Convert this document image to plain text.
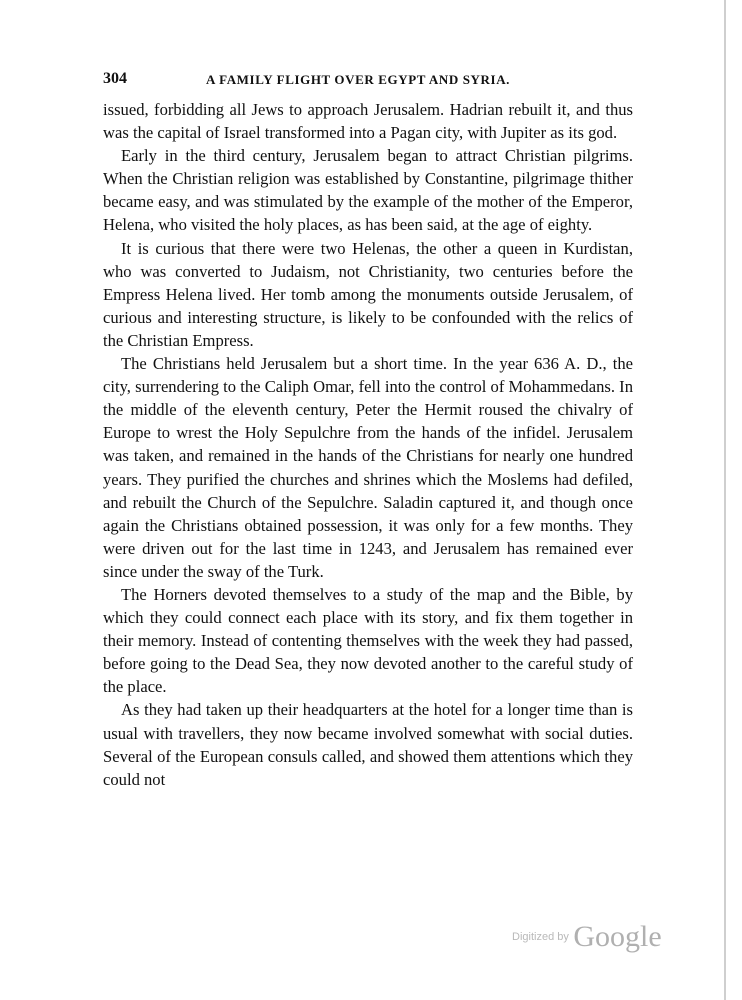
304	A FAMILY FLIGHT OVER EGYPT AND SYRIA.

issued, forbidding all Jews to approach Jerusalem. Hadrian rebuilt it, and thus was the capital of Israel transformed into a Pagan city, with Jupiter as its god.

Early in the third century, Jerusalem began to attract Christian pilgrims. When the Christian religion was established by Constantine, pilgrimage thither became easy, and was stimulated by the example of the mother of the Emperor, Helena, who visited the holy places, as has been said, at the age of eighty.

It is curious that there were two Helenas, the other a queen in Kurdistan, who was converted to Judaism, not Christianity, two centuries before the Empress Helena lived. Her tomb among the monuments outside Jerusalem, of curious and interesting structure, is likely to be confounded with the relics of the Christian Empress.

The Christians held Jerusalem but a short time. In the year 636 A. D., the city, surrendering to the Caliph Omar, fell into the control of Mohammedans. In the middle of the eleventh century, Peter the Hermit roused the chivalry of Europe to wrest the Holy Sepulchre from the hands of the infidel. Jerusalem was taken, and remained in the hands of the Christians for nearly one hundred years. They purified the churches and shrines which the Moslems had defiled, and rebuilt the Church of the Sepulchre. Saladin captured it, and though once again the Christians obtained possession, it was only for a few months. They were driven out for the last time in 1243, and Jerusalem has remained ever since under the sway of the Turk.

The Horners devoted themselves to a study of the map and the Bible, by which they could connect each place with its story, and fix them together in their memory. Instead of contenting themselves with the week they had passed, before going to the Dead Sea, they now devoted another to the careful study of the place.

As they had taken up their headquarters at the hotel for a longer time than is usual with travellers, they now became involved somewhat with social duties. Several of the European consuls called, and showed them attentions which they could not

Digitized by Google
